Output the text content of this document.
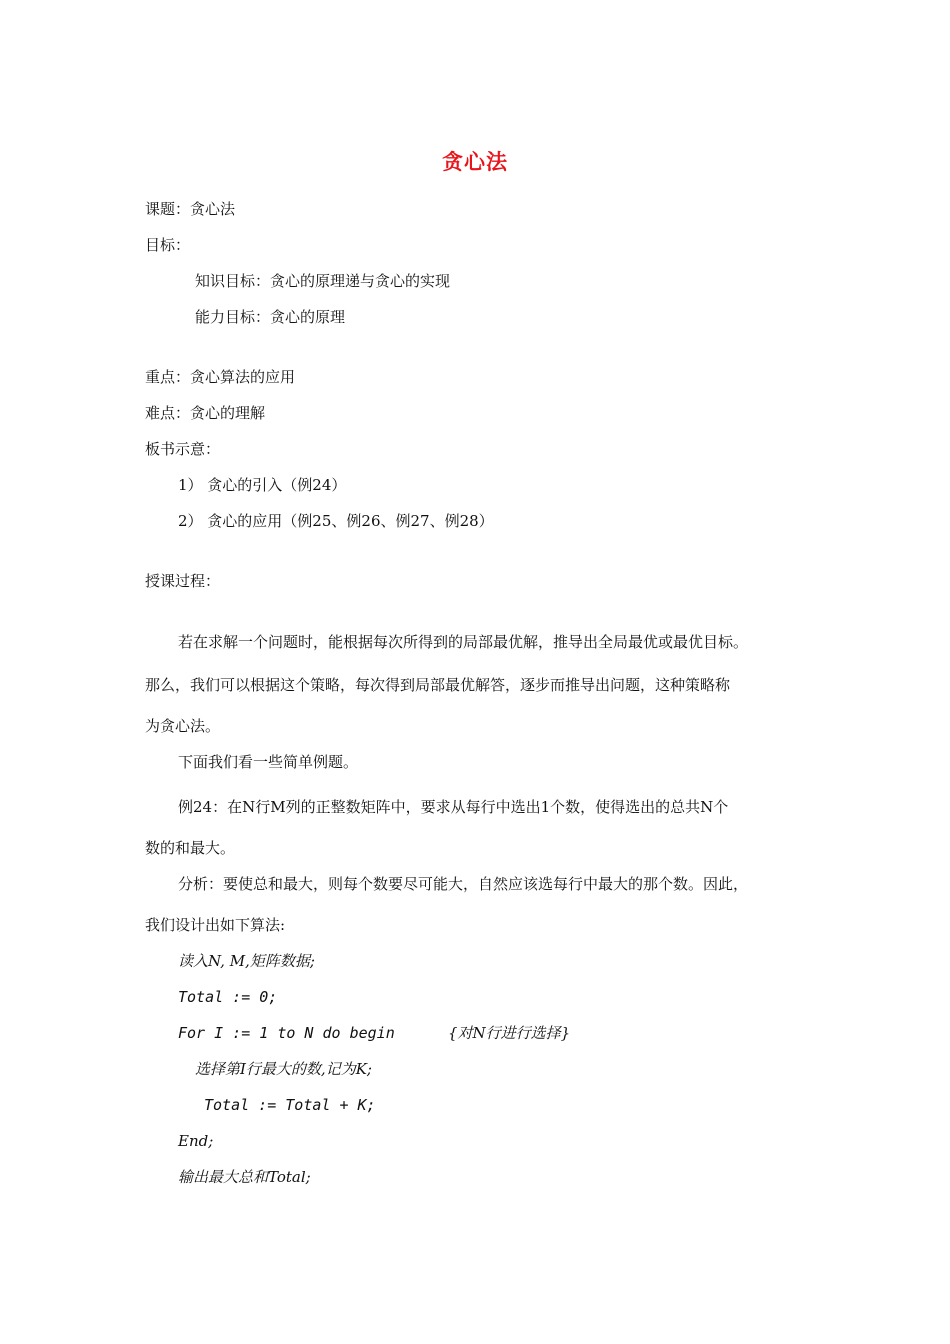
贪心法
课题：贪心法
目标：
知识目标：贪心的原理递与贪心的实现
能力目标：贪心的原理
重点：贪心算法的应用
难点：贪心的理解
板书示意：
1） 贪心的引入（例24）
2） 贪心的应用（例25、例26、例27、例28）
授课过程：
若在求解一个问题时，能根据每次所得到的局部最优解，推导出全局最优或最优目标。
那么，我们可以根据这个策略，每次得到局部最优解答，逐步而推导出问题，这种策略称
为贪心法。
下面我们看一些简单例题。
例24：在N行M列的正整数矩阵中，要求从每行中选出1个数，使得选出的总共N个
数的和最大。
分析：要使总和最大，则每个数要尽可能大，自然应该选每行中最大的那个数。因此，
我们设计出如下算法:
读入N, M,矩阵数据;
Total := 0;
For I := 1 to N do begin	{对N行进行选择}
选择第I行最大的数,记为K;
Total := Total + K;
End;
输出最大总和Total;
